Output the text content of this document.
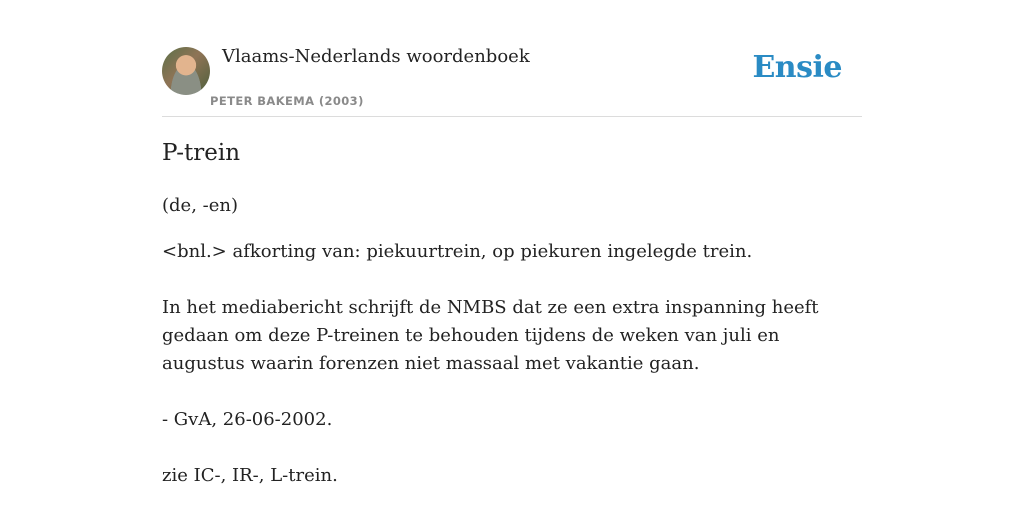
Vlaams-Nederlands woordenboek
PETER BAKEMA (2003)
Ensie
P-trein

(de, -en)

<bnl.> afkorting van: piekuurtrein, op piekuren ingelegde trein.

In het mediabericht schrijft de NMBS dat ze een extra inspanning heeft gedaan om deze P-treinen te behouden tijdens de weken van juli en augustus waarin forenzen niet massaal met vakantie gaan.

- GvA, 26-06-2002.

zie IC-, IR-, L-trein.
